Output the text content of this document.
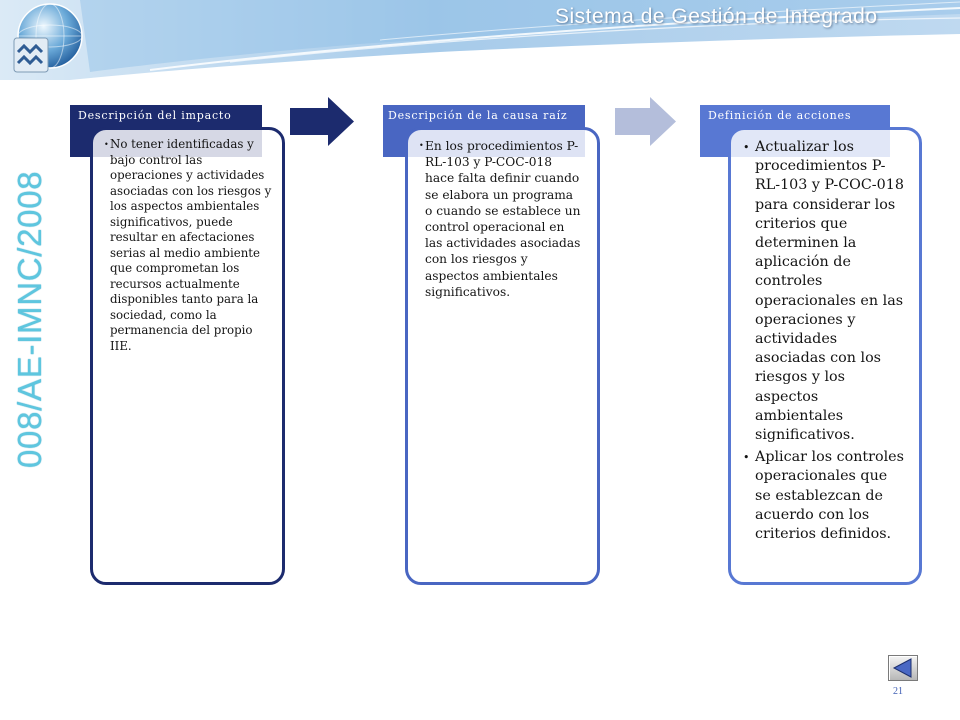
Sistema de Gestión de Integrado
008/AE-IMNC/2008
Descripción del impacto
• No tener identificadas y bajo control las operaciones y actividades asociadas con los riesgos y los aspectos ambientales significativos, puede resultar en afectaciones serias al medio ambiente que comprometan los recursos actualmente disponibles tanto para la sociedad, como la permanencia del propio IIE.
Descripción de la causa raíz
• En los procedimientos P-RL-103 y P-COC-018 hace falta definir cuando se elabora un programa o cuando se establece un control operacional en las actividades asociadas con los riesgos y aspectos ambientales significativos.
Definición de acciones
• Actualizar los procedimientos P-RL-103 y P-COC-018 para considerar los criterios que determinen la aplicación de controles operacionales en las operaciones y actividades asociadas con los riesgos y los aspectos ambientales significativos.
• Aplicar los controles operacionales que se establezcan de acuerdo con los criterios definidos.
21
